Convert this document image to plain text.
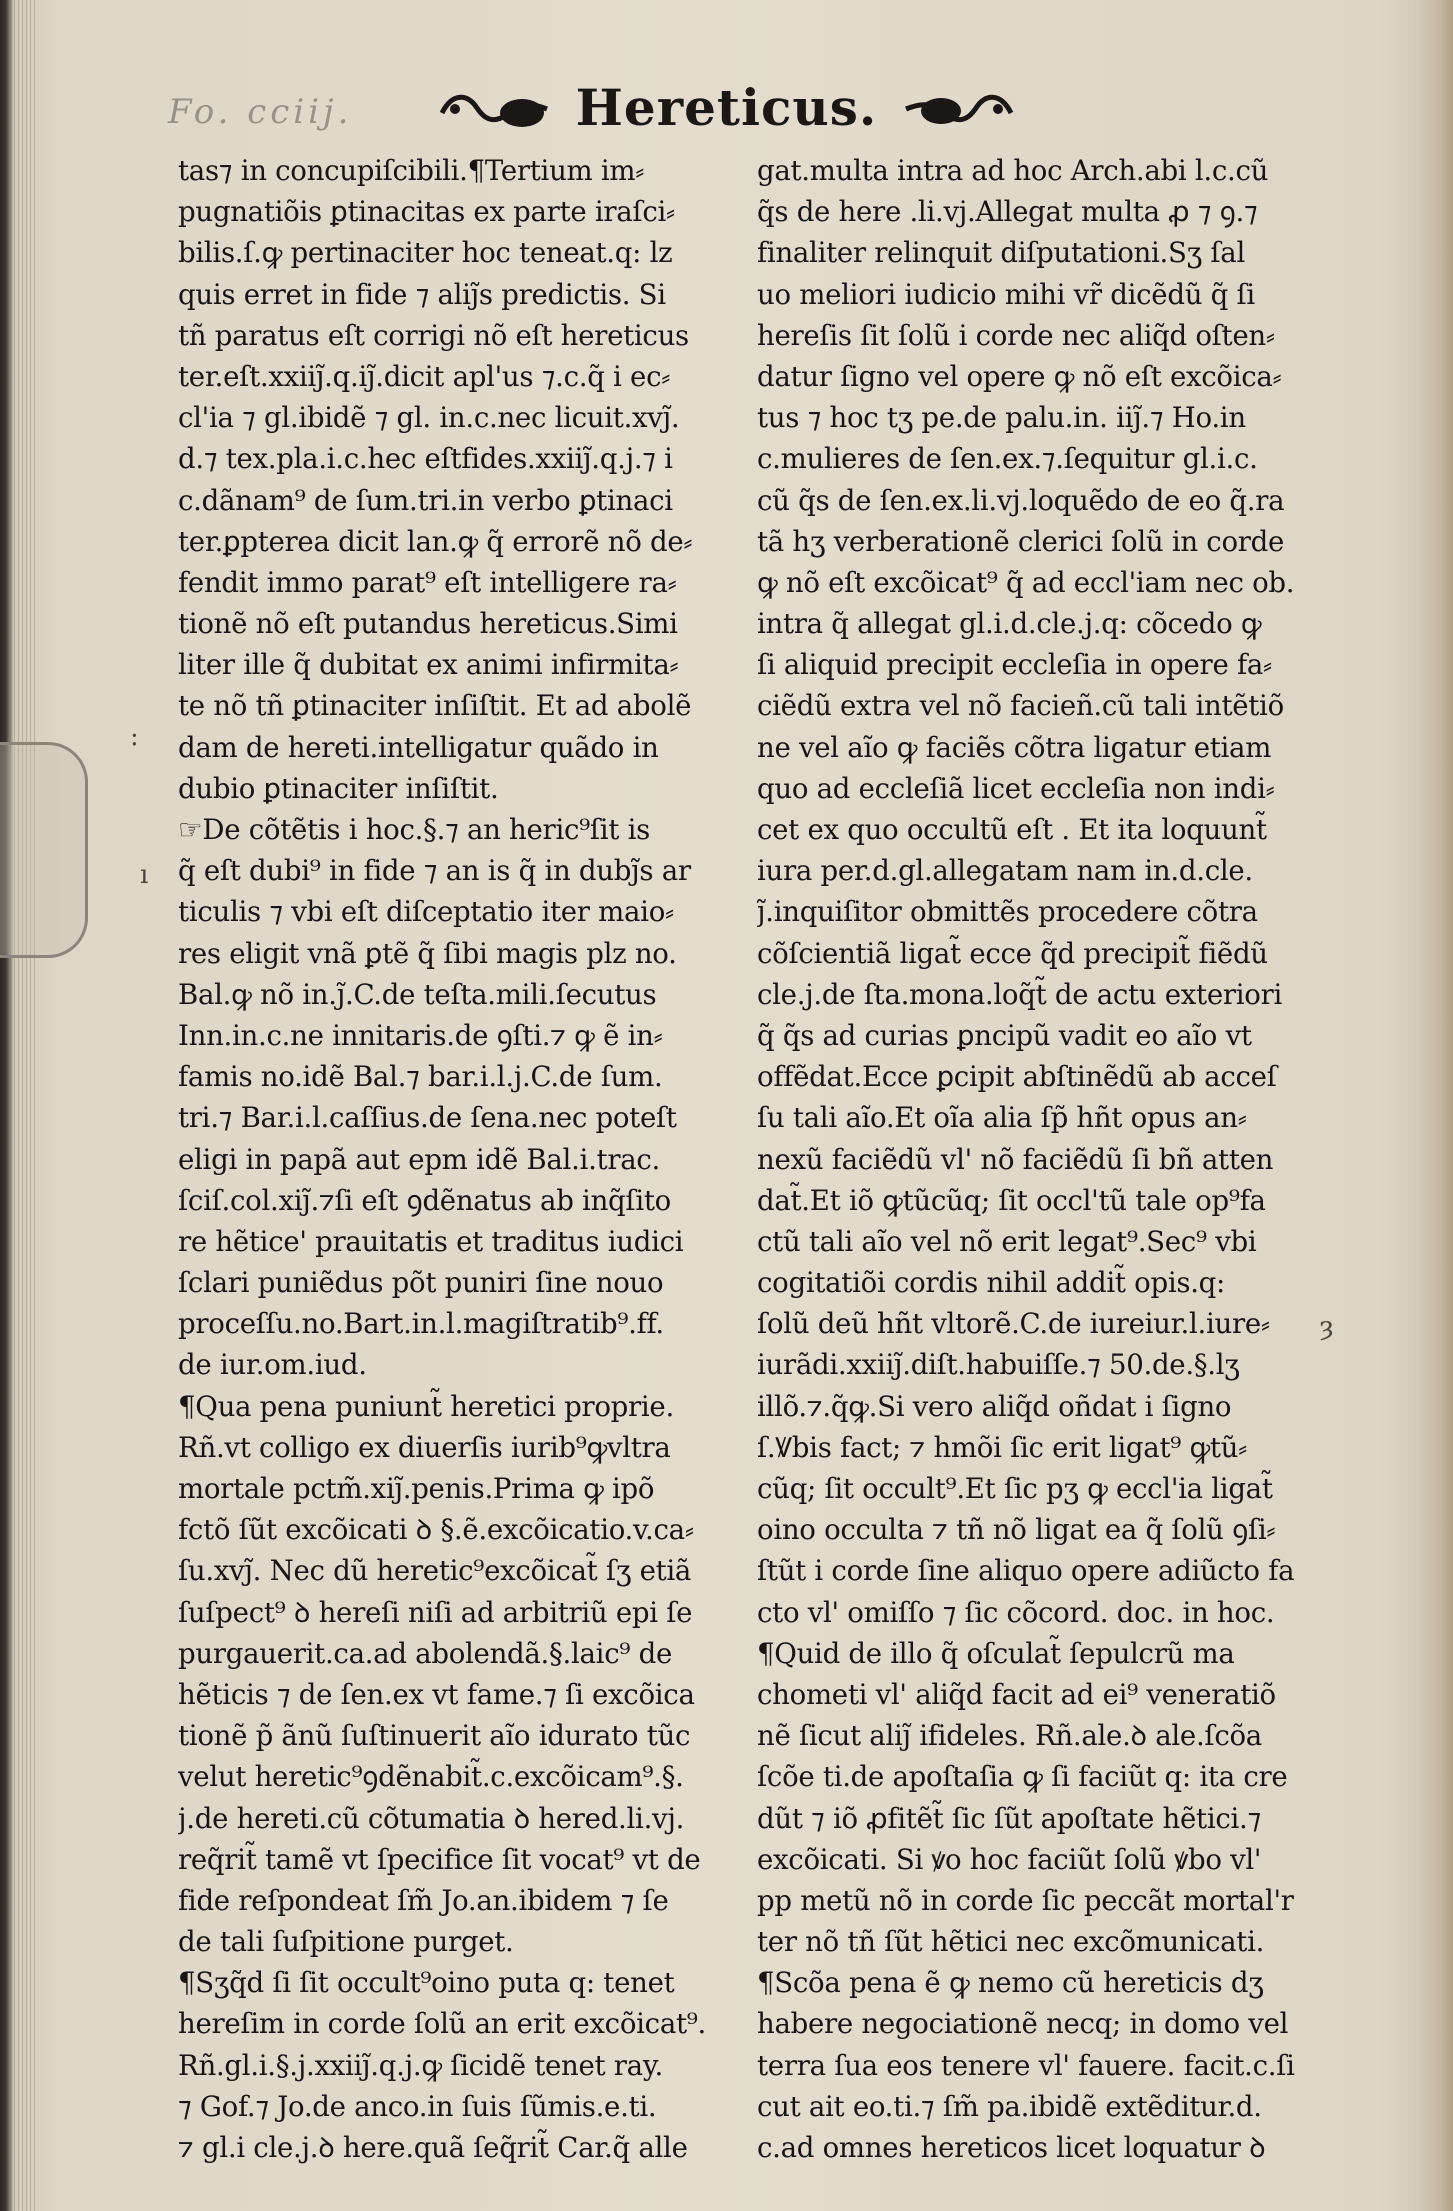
Fo. cciij.	Hereticus.
tas⁊ in concupiſcibili.¶Tertium im⸗
pugnatiõis ꝑtinacitas ex parte iraſci⸗
bilis.ſ.ꝙ pertinaciter hoc teneat.q: lz
quis erret in fide ⁊ aliȷ̃s predictis. Si
tñ paratus eſt corrigi nõ eſt hereticus
ter.eſt.xxiiȷ̃.q.iȷ̃.dicit apl'us ⁊.c.q̃ i ec⸗
cl'ia ⁊ gl.ibidẽ ⁊ gl. in.c.nec licuit.xvȷ̃.
d.⁊ tex.pla.i.c.hec eſtfides.xxiiȷ̃.q.j.⁊ i
c.dãnam⁹ de ſum.tri.in verbo ꝑtinaci
ter.ꝑpterea dicit lan.ꝙ q̃ errorẽ nõ de⸗
fendit immo parat⁹ eſt intelligere ra⸗
tionẽ nõ eſt putandus hereticus.Simi
liter ille q̃ dubitat ex animi infirmita⸗
te nõ tñ ꝑtinaciter inſiſtit. Et ad abolẽ
dam de hereti.intelligatur quãdo in
dubio ꝑtinaciter inſiſtit.
☞De cõtẽtis i hoc.§.⁊ an heric⁹ſit is
q̃ eſt dubi⁹ in fide ⁊ an is q̃ in dubȷ̃s ar
ticulis ⁊ vbi eſt diſceptatio iter maio⸗
res eligit vnã ꝑtẽ q̃ ſibi magis plz no.
Bal.ꝙ nõ in.ȷ̃.C.de teſta.mili.ſecutus
Inn.in.c.ne innitaris.de ꝯſti.⁊ ꝙ ẽ in⸗
famis no.idẽ Bal.⁊ bar.i.l.j.C.de ſum.
tri.⁊ Bar.i.l.caſſius.de ſena.nec poteſt
eligi in papã aut epm idẽ Bal.i.trac.
ſciſ.col.xiȷ̃.⁊ſi eſt ꝯdẽnatus ab inq̃ſito
re hẽtice' prauitatis et traditus iudici
ſclari puniẽdus põt puniri ſine nouo
proceſſu.no.Bart.in.l.magiſtratib⁹.ff.
de iur.om.iud.
¶Qua pena puniunt̃ heretici proprie.
Rñ.vt colligo ex diuerſis iurib⁹ꝙvltra
mortale pctm̃.xiȷ̃.penis.Prima ꝙ ipõ
fctõ ſũt excõicati ꝺ §.ẽ.excõicatio.v.ca⸗
ſu.xvȷ̃. Nec dũ heretic⁹excõicat̃ ſʒ etiã
ſuſpect⁹ ꝺ hereſi niſi ad arbitriũ epi ſe
purgauerit.ca.ad abolendã.§.laic⁹ de
hẽticis ⁊ de ſen.ex vt fame.⁊ ſi excõica
tionẽ p̃ ãnũ ſuſtinuerit aĩo idurato tũc
velut heretic⁹ꝯdẽnabit̃.c.excõicam⁹.§.
j.de hereti.cũ cõtumatia ꝺ hered.li.vj.
req̃rit̃ tamẽ vt ſpecifice ſit vocat⁹ vt de
fide reſpondeat ſm̃ Jo.an.ibidem ⁊ ſe
de tali ſuſpitione purget.
¶Sʒq̃d ſi ſit occult⁹oino puta q: tenet
hereſim in corde ſolũ an erit excõicat⁹.
Rñ.gl.i.§.j.xxiiȷ̃.q.j.ꝙ ſicidẽ tenet ray.
⁊ Gof.⁊ Jo.de anco.in ſuis ſũmis.e.ti.
⁊ gl.i cle.j.ꝺ here.quã ſeq̃rit̃ Car.q̃ alle
gat.multa intra ad hoc Arch.abi l.c.cũ
q̃s de here .li.vj.Allegat multa ꝓ ⁊ ꝯ.⁊
finaliter relinquit diſputationi.Sʒ ſal
uo meliori iudicio mihi vr̃ dicẽdũ q̃ ſi
hereſis ſit ſolũ i corde nec aliq̃d oſten⸗
datur ſigno vel opere ꝙ nõ eſt excõica⸗
tus ⁊ hoc tʒ pe.de palu.in. iiȷ̃.⁊ Ho.in
c.mulieres de ſen.ex.⁊.ſequitur gl.i.c.
cũ q̃s de ſen.ex.li.vj.loquẽdo de eo q̃.ra
tã hʒ verberationẽ clerici ſolũ in corde
ꝙ nõ eſt excõicat⁹ q̃ ad eccl'iam nec ob.
intra q̃ allegat gl.i.d.cle.j.q: cõcedo ꝙ
ſi aliquid precipit eccleſia in opere fa⸗
ciẽdũ extra vel nõ facieñ.cũ tali intẽtiõ
ne vel aĩo ꝙ faciẽs cõtra ligatur etiam
quo ad eccleſiã licet eccleſia non indi⸗
cet ex quo occultũ eſt . Et ita loquunt̃
iura per.d.gl.allegatam nam in.d.cle.
ȷ̃.inquiſitor obmittẽs procedere cõtra
cõſcientiã ligat̃ ecce q̃d precipit̃ fiẽdũ
cle.j.de ſta.mona.loq̃t̃ de actu exteriori
q̃ q̃s ad curias ꝑncipũ vadit eo aĩo vt
offẽdat.Ecce ꝑcipit abſtinẽdũ ab acceſ
ſu tali aĩo.Et oĩa alia ſp̃ hñt opus an⸗
nexũ faciẽdũ vl' nõ faciẽdũ ſi bñ atten
dat̃.Et iõ ꝙtũcũq; ſit occl'tũ tale op⁹fa
ctũ tali aĩo vel nõ erit legat⁹.Sec⁹ vbi
cogitatiõi cordis nihil addit̃ opis.q:
ſolũ deũ hñt vltorẽ.C.de iureiur.l.iure⸗
iurãdi.xxiiȷ̃.diſt.habuiſſe.⁊ 50.de.§.lʒ
illõ.⁊.q̃ꝙ.Si vero aliq̃d oñdat i ſigno
ſ.Ꝟbis fact; ⁊ hmõi ſic erit ligat⁹ ꝙtũ⸗
cũq; ſit occult⁹.Et ſic pʒ ꝙ eccl'ia ligat̃
oino occulta ⁊ tñ nõ ligat ea q̃ ſolũ ꝯſi⸗
ſtũt i corde ſine aliquo opere adiũcto fa
cto vl' omiſſo ⁊ ſic cõcord. doc. in hoc.
¶Quid de illo q̃ oſculat̃ ſepulcrũ ma
chometi vl' aliq̃d facit ad ei⁹ veneratiõ
nẽ ſicut aliȷ̃ ifideles. Rñ.ale.ꝺ ale.ſcõa
ſcõe ti.de apoſtaſia ꝙ ſi faciũt q: ita cre
dũt ⁊ iõ ꝓfitẽt̃ ſic ſũt apoſtate hẽtici.⁊
excõicati. Si ꝟo hoc faciũt ſolũ ꝟbo vl'
pp metũ nõ in corde ſic peccãt mortal'r
ter nõ tñ ſũt hẽtici nec excõmunicati.
¶Scõa pena ẽ ꝙ nemo cũ hereticis dʒ
habere negociationẽ necq; in domo vel
terra ſua eos tenere vl' fauere. facit.c.ſi
cut ait eo.ti.⁊ ſm̃ pa.ibidẽ extẽditur.d.
c.ad omnes hereticos licet loquatur ꝺ
:
ı
ȝ
